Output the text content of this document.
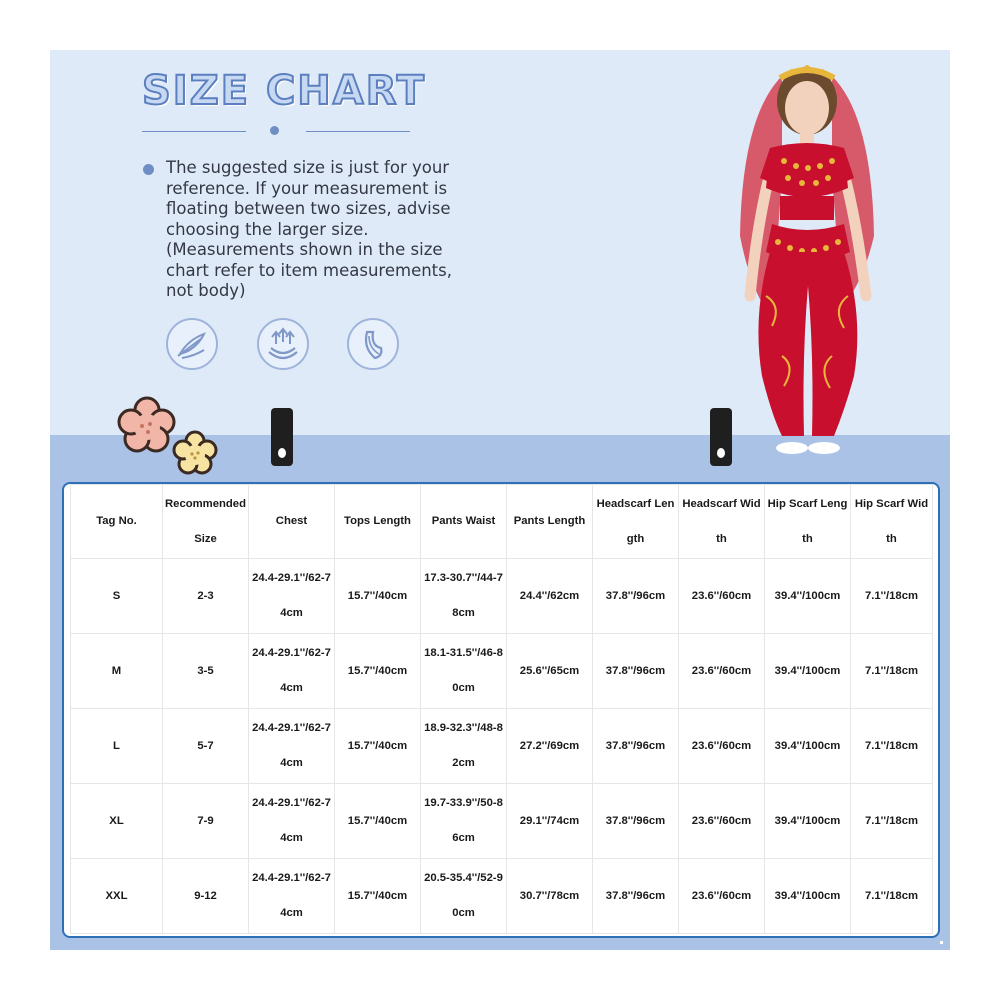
SIZE CHART
The suggested size is just for your
reference. If your measurement is
floating between two sizes, advise
choosing the larger size.
(Measurements shown in the size
chart refer to item measurements,
not body)
Tag No.	Recommended Size	Chest	Tops Length	Pants Waist	Pants Length	Headscarf Length	Headscarf Width	Hip Scarf Length	Hip Scarf Width
S	2-3	24.4-29.1''/62-74cm	15.7''/40cm	17.3-30.7''/44-78cm	24.4''/62cm	37.8''/96cm	23.6''/60cm	39.4''/100cm	7.1''/18cm
M	3-5	24.4-29.1''/62-74cm	15.7''/40cm	18.1-31.5''/46-80cm	25.6''/65cm	37.8''/96cm	23.6''/60cm	39.4''/100cm	7.1''/18cm
L	5-7	24.4-29.1''/62-74cm	15.7''/40cm	18.9-32.3''/48-82cm	27.2''/69cm	37.8''/96cm	23.6''/60cm	39.4''/100cm	7.1''/18cm
XL	7-9	24.4-29.1''/62-74cm	15.7''/40cm	19.7-33.9''/50-86cm	29.1''/74cm	37.8''/96cm	23.6''/60cm	39.4''/100cm	7.1''/18cm
XXL	9-12	24.4-29.1''/62-74cm	15.7''/40cm	20.5-35.4''/52-90cm	30.7''/78cm	37.8''/96cm	23.6''/60cm	39.4''/100cm	7.1''/18cm
